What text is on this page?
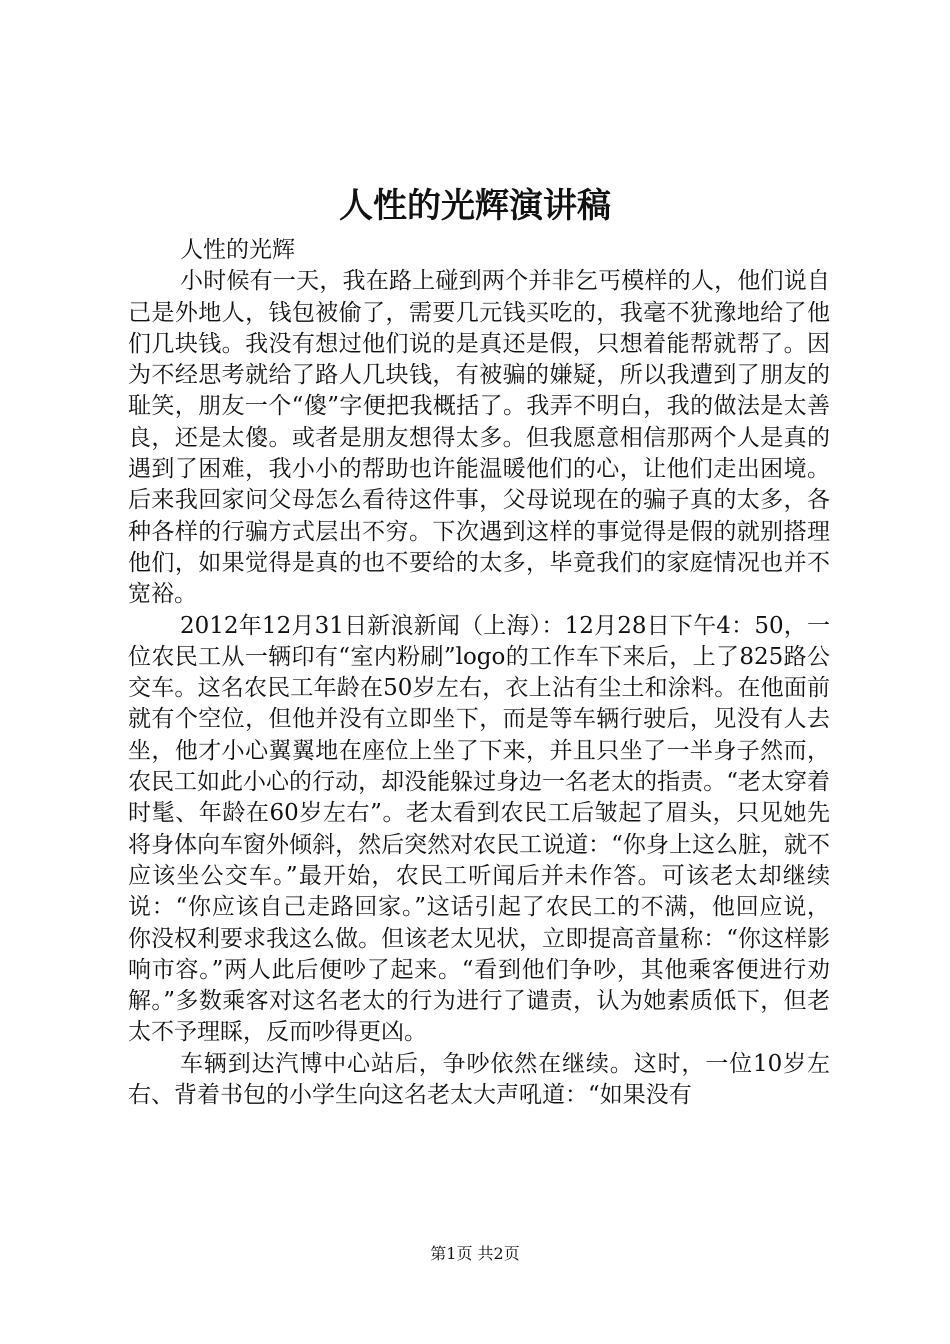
人性的光辉演讲稿

人性的光辉

小时候有一天，我在路上碰到两个并非乞丐模样的人，他们说自己是外地人，钱包被偷了，需要几元钱买吃的，我毫不犹豫地给了他们几块钱。我没有想过他们说的是真还是假，只想着能帮就帮了。因为不经思考就给了路人几块钱，有被骗的嫌疑，所以我遭到了朋友的耻笑，朋友一个“傻”字便把我概括了。我弄不明白，我的做法是太善良，还是太傻。或者是朋友想得太多。但我愿意相信那两个人是真的遇到了困难，我小小的帮助也许能温暖他们的心，让他们走出困境。后来我回家问父母怎么看待这件事，父母说现在的骗子真的太多，各种各样的行骗方式层出不穷。下次遇到这样的事觉得是假的就别搭理他们，如果觉得是真的也不要给的太多，毕竟我们的家庭情况也并不宽裕。

2012年12月31日新浪新闻（上海）：12月28日下午4：50，一位农民工从一辆印有“室内粉刷”logo的工作车下来后，上了825路公交车。这名农民工年龄在50岁左右，衣上沾有尘土和涂料。在他面前就有个空位，但他并没有立即坐下，而是等车辆行驶后，见没有人去坐，他才小心翼翼地在座位上坐了下来，并且只坐了一半身子然而，农民工如此小心的行动，却没能躲过身边一名老太的指责。“老太穿着时髦、年龄在60岁左右”。老太看到农民工后皱起了眉头，只见她先将身体向车窗外倾斜，然后突然对农民工说道：“你身上这么脏，就不应该坐公交车。”最开始，农民工听闻后并未作答。可该老太却继续说：“你应该自己走路回家。”这话引起了农民工的不满，他回应说，你没权利要求我这么做。但该老太见状，立即提高音量称：“你这样影响市容。”两人此后便吵了起来。“看到他们争吵，其他乘客便进行劝解。”多数乘客对这名老太的行为进行了谴责，认为她素质低下，但老太不予理睬，反而吵得更凶。

车辆到达汽博中心站后，争吵依然在继续。这时，一位10岁左右、背着书包的小学生向这名老太大声吼道：“如果没有

第1页 共2页
